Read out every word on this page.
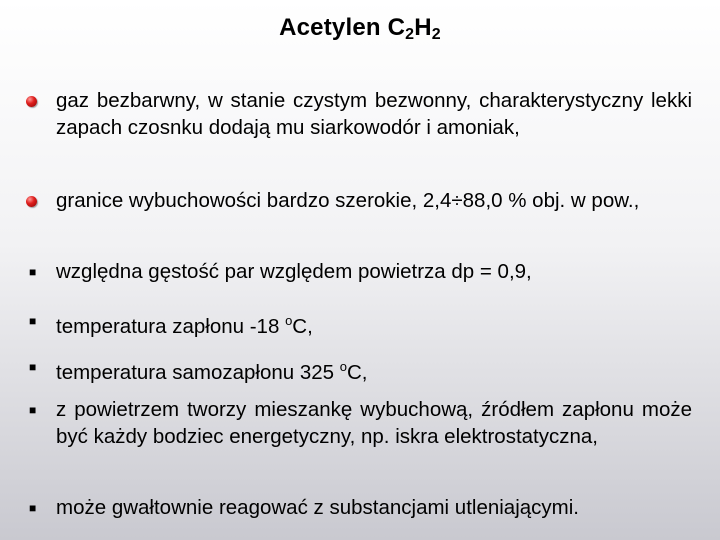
Acetylen $C_2H_2$
gaz bezbarwny, w stanie czystym bezwonny, charakterystyczny lekki zapach czosnku dodają mu siarkowodór i amoniak,
granice wybuchowości bardzo szerokie, 2,4÷88,0 % obj. w pow.,
■ względna gęstość par względem powietrza dp = 0,9,
■ temperatura zapłonu -18 $^o$C,
■ temperatura samozapłonu 325 $^o$C,
■ z powietrzem tworzy mieszankę wybuchową, źródłem zapłonu może być każdy bodziec energetyczny, np. iskra elektrostatyczna,
■ może gwałtownie reagować z substancjami utleniającymi.
